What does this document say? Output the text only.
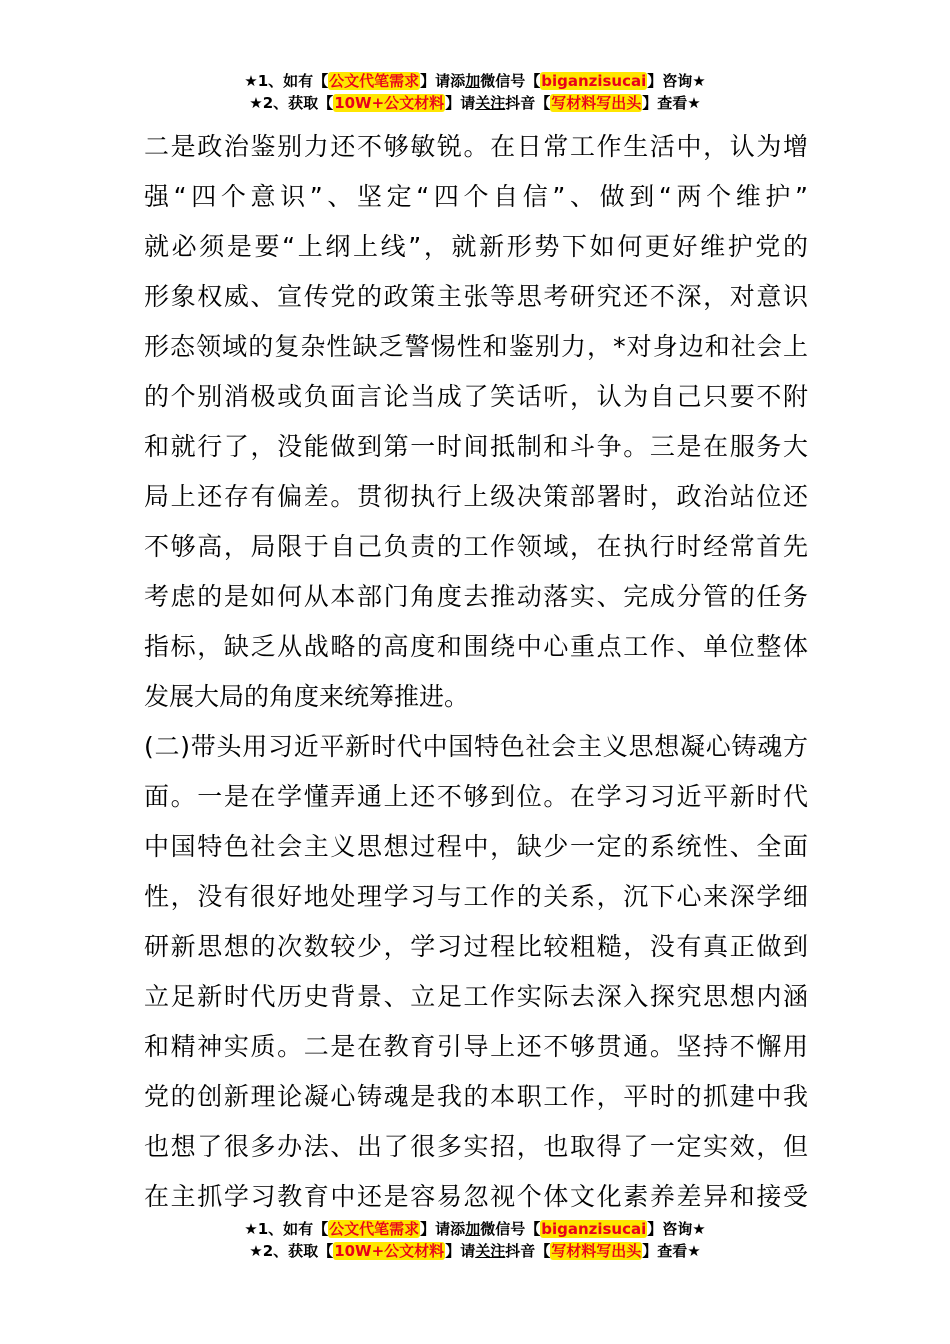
★1、如有【公文代笔需求】请添加微信号【biganzisucai】咨询★
★2、获取【10W+公文材料】请关注抖音【写材料写出头】查看★
二是政治鉴别力还不够敏锐。在日常工作生活中，认为增
强“四个意识”、坚定“四个自信”、做到“两个维护”
就必须是要“上纲上线”，就新形势下如何更好维护党的
形象权威、宣传党的政策主张等思考研究还不深，对意识
形态领域的复杂性缺乏警惕性和鉴别力，*对身边和社会上
的个别消极或负面言论当成了笑话听，认为自己只要不附
和就行了，没能做到第一时间抵制和斗争。三是在服务大
局上还存有偏差。贯彻执行上级决策部署时，政治站位还
不够高，局限于自己负责的工作领域，在执行时经常首先
考虑的是如何从本部门角度去推动落实、完成分管的任务
指标，缺乏从战略的高度和围绕中心重点工作、单位整体
发展大局的角度来统筹推进。
(二)带头用习近平新时代中国特色社会主义思想凝心铸魂方
面。一是在学懂弄通上还不够到位。在学习习近平新时代
中国特色社会主义思想过程中，缺少一定的系统性、全面
性，没有很好地处理学习与工作的关系，沉下心来深学细
研新思想的次数较少，学习过程比较粗糙，没有真正做到
立足新时代历史背景、立足工作实际去深入探究思想内涵
和精神实质。二是在教育引导上还不够贯通。坚持不懈用
党的创新理论凝心铸魂是我的本职工作，平时的抓建中我
也想了很多办法、出了很多实招，也取得了一定实效，但
在主抓学习教育中还是容易忽视个体文化素养差异和接受
★1、如有【公文代笔需求】请添加微信号【biganzisucai】咨询★
★2、获取【10W+公文材料】请关注抖音【写材料写出头】查看★
